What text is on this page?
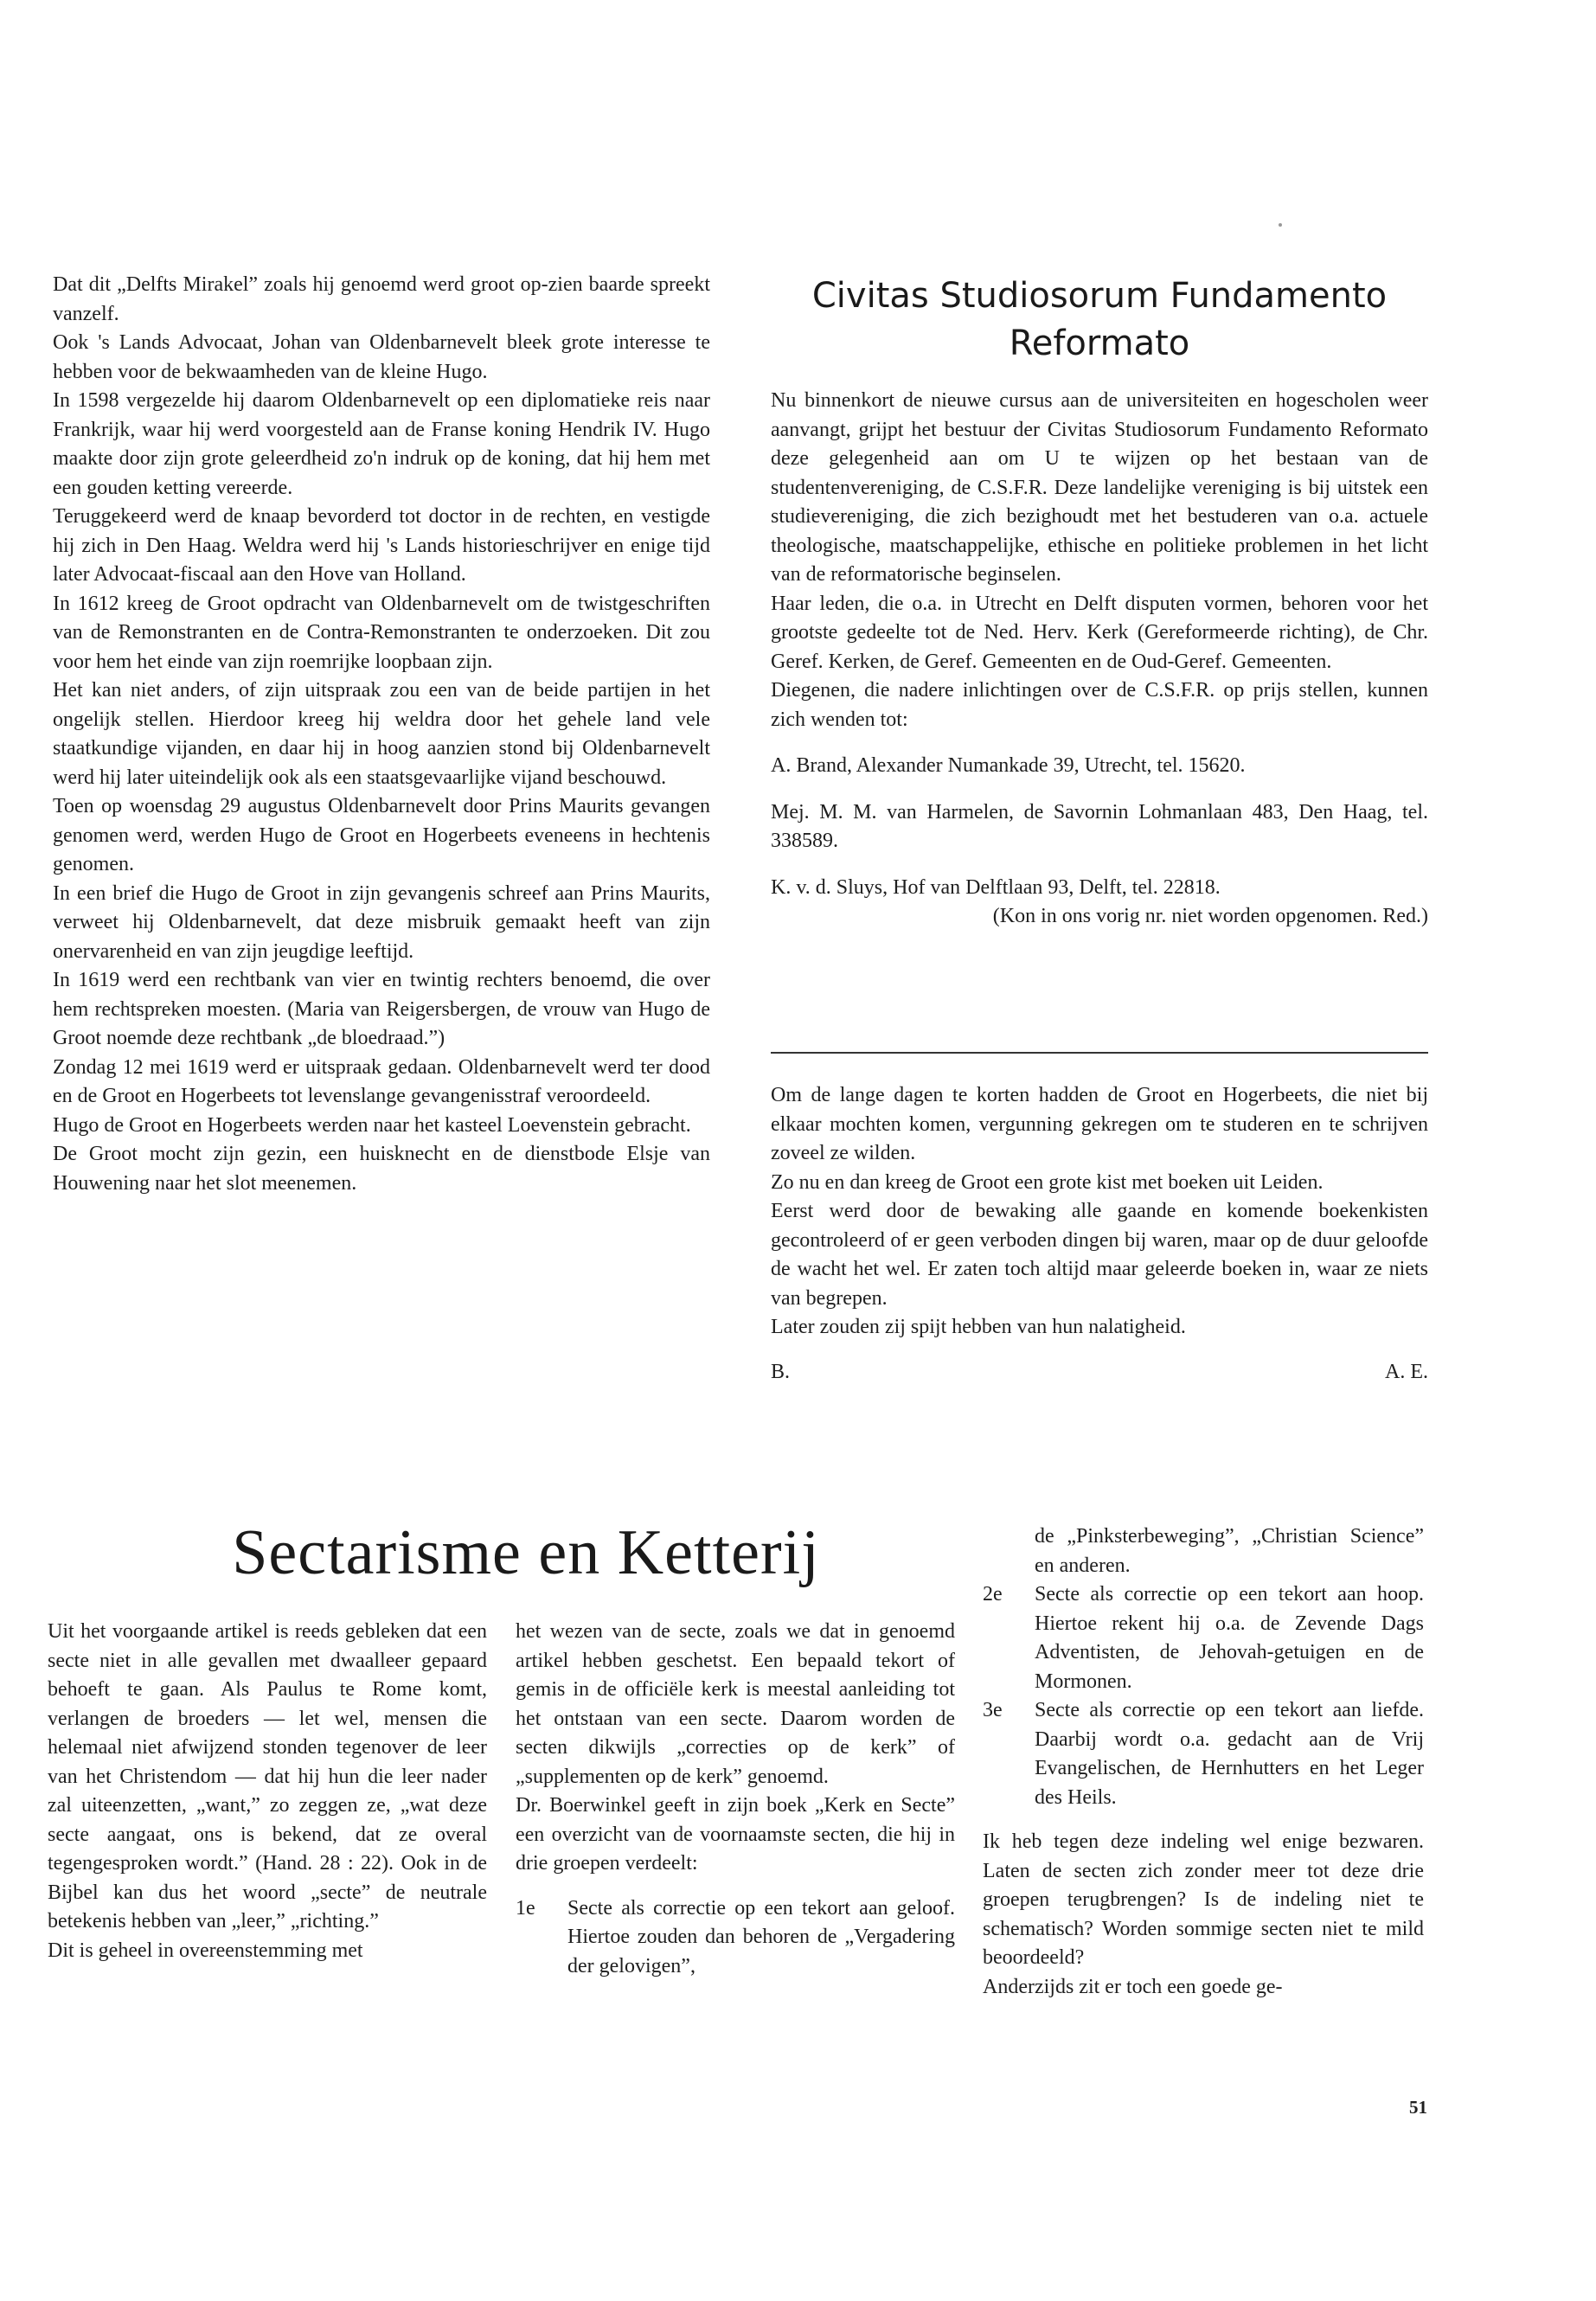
Dat dit „Delfts Mirakel” zoals hij genoemd werd groot op-zien baarde spreekt vanzelf.

Ook 's Lands Advocaat, Johan van Oldenbarnevelt bleek grote interesse te hebben voor de bekwaamheden van de kleine Hugo.

In 1598 vergezelde hij daarom Oldenbarnevelt op een diplomatieke reis naar Frankrijk, waar hij werd voorgesteld aan de Franse koning Hendrik IV. Hugo maakte door zijn grote geleerdheid zo'n indruk op de koning, dat hij hem met een gouden ketting vereerde.

Teruggekeerd werd de knaap bevorderd tot doctor in de rechten, en vestigde hij zich in Den Haag. Weldra werd hij 's Lands historieschrijver en enige tijd later Advocaat-fiscaal aan den Hove van Holland.

In 1612 kreeg de Groot opdracht van Oldenbarnevelt om de twistgeschriften van de Remonstranten en de Contra-Remonstranten te onderzoeken. Dit zou voor hem het einde van zijn roemrijke loopbaan zijn.

Het kan niet anders, of zijn uitspraak zou een van de beide partijen in het ongelijk stellen. Hierdoor kreeg hij weldra door het gehele land vele staatkundige vijanden, en daar hij in hoog aanzien stond bij Oldenbarnevelt werd hij later uiteindelijk ook als een staatsgevaarlijke vijand beschouwd.

Toen op woensdag 29 augustus Oldenbarnevelt door Prins Maurits gevangen genomen werd, werden Hugo de Groot en Hogerbeets eveneens in hechtenis genomen.

In een brief die Hugo de Groot in zijn gevangenis schreef aan Prins Maurits, verweet hij Oldenbarnevelt, dat deze misbruik gemaakt heeft van zijn onervarenheid en van zijn jeugdige leeftijd.

In 1619 werd een rechtbank van vier en twintig rechters benoemd, die over hem rechtspreken moesten. (Maria van Reigersbergen, de vrouw van Hugo de Groot noemde deze rechtbank „de bloedraad.”)

Zondag 12 mei 1619 werd er uitspraak gedaan. Oldenbarnevelt werd ter dood en de Groot en Hogerbeets tot levenslange gevangenisstraf veroordeeld.

Hugo de Groot en Hogerbeets werden naar het kasteel Loevenstein gebracht.

De Groot mocht zijn gezin, een huisknecht en de dienstbode Elsje van Houwening naar het slot meenemen.

Civitas Studiosorum Fundamento Reformato

Nu binnenkort de nieuwe cursus aan de universiteiten en hogescholen weer aanvangt, grijpt het bestuur der Civitas Studiosorum Fundamento Reformato deze gelegenheid aan om U te wijzen op het bestaan van de studentenvereniging, de C.S.F.R. Deze landelijke vereniging is bij uitstek een studievereniging, die zich bezighoudt met het bestuderen van o.a. actuele theologische, maatschappelijke, ethische en politieke problemen in het licht van de reformatorische beginselen.

Haar leden, die o.a. in Utrecht en Delft disputen vormen, behoren voor het grootste gedeelte tot de Ned. Herv. Kerk (Gereformeerde richting), de Chr. Geref. Kerken, de Geref. Gemeenten en de Oud-Geref. Gemeenten.

Diegenen, die nadere inlichtingen over de C.S.F.R. op prijs stellen, kunnen zich wenden tot:

A. Brand, Alexander Numankade 39, Utrecht, tel. 15620.

Mej. M. M. van Harmelen, de Savornin Lohmanlaan 483, Den Haag, tel. 338589.

K. v. d. Sluys, Hof van Delftlaan 93, Delft, tel. 22818.

(Kon in ons vorig nr. niet worden opgenomen. Red.)

Om de lange dagen te korten hadden de Groot en Hogerbeets, die niet bij elkaar mochten komen, vergunning gekregen om te studeren en te schrijven zoveel ze wilden.

Zo nu en dan kreeg de Groot een grote kist met boeken uit Leiden.

Eerst werd door de bewaking alle gaande en komende boekenkisten gecontroleerd of er geen verboden dingen bij waren, maar op de duur geloofde de wacht het wel. Er zaten toch altijd maar geleerde boeken in, waar ze niets van begrepen.

Later zouden zij spijt hebben van hun nalatigheid.

B.	A. E.
Sectarisme en Ketterij

Uit het voorgaande artikel is reeds gebleken dat een secte niet in alle gevallen met dwaalleer gepaard behoeft te gaan. Als Paulus te Rome komt, verlangen de broeders — let wel, mensen die helemaal niet afwijzend stonden tegenover de leer van het Christendom — dat hij hun die leer nader zal uiteenzetten, „want,” zo zeggen ze, „wat deze secte aangaat, ons is bekend, dat ze overal tegengesproken wordt.” (Hand. 28 : 22). Ook in de Bijbel kan dus het woord „secte” de neutrale betekenis hebben van „leer,” „richting.”

Dit is geheel in overeenstemming met

het wezen van de secte, zoals we dat in genoemd artikel hebben geschetst. Een bepaald tekort of gemis in de officiële kerk is meestal aanleiding tot het ontstaan van een secte. Daarom worden de secten dikwijls „correcties op de kerk” of „supplementen op de kerk” genoemd.

Dr. Boerwinkel geeft in zijn boek „Kerk en Secte” een overzicht van de voornaamste secten, die hij in drie groepen verdeelt:

1e	Secte als correctie op een tekort aan geloof. Hiertoe zouden dan behoren de „Vergadering der gelovigen”,

de „Pinksterbeweging”, „Christian Science” en anderen.

2e	Secte als correctie op een tekort aan hoop. Hiertoe rekent hij o.a. de Zevende Dags Adventisten, de Jehovah-getuigen en de Mormonen.
3e	Secte als correctie op een tekort aan liefde. Daarbij wordt o.a. gedacht aan de Vrij Evangelischen, de Hernhutters en het Leger des Heils.

Ik heb tegen deze indeling wel enige bezwaren. Laten de secten zich zonder meer tot deze drie groepen terugbrengen? Is de indeling niet te schematisch? Worden sommige secten niet te mild beoordeeld?

Anderzijds zit er toch een goede ge-

51
